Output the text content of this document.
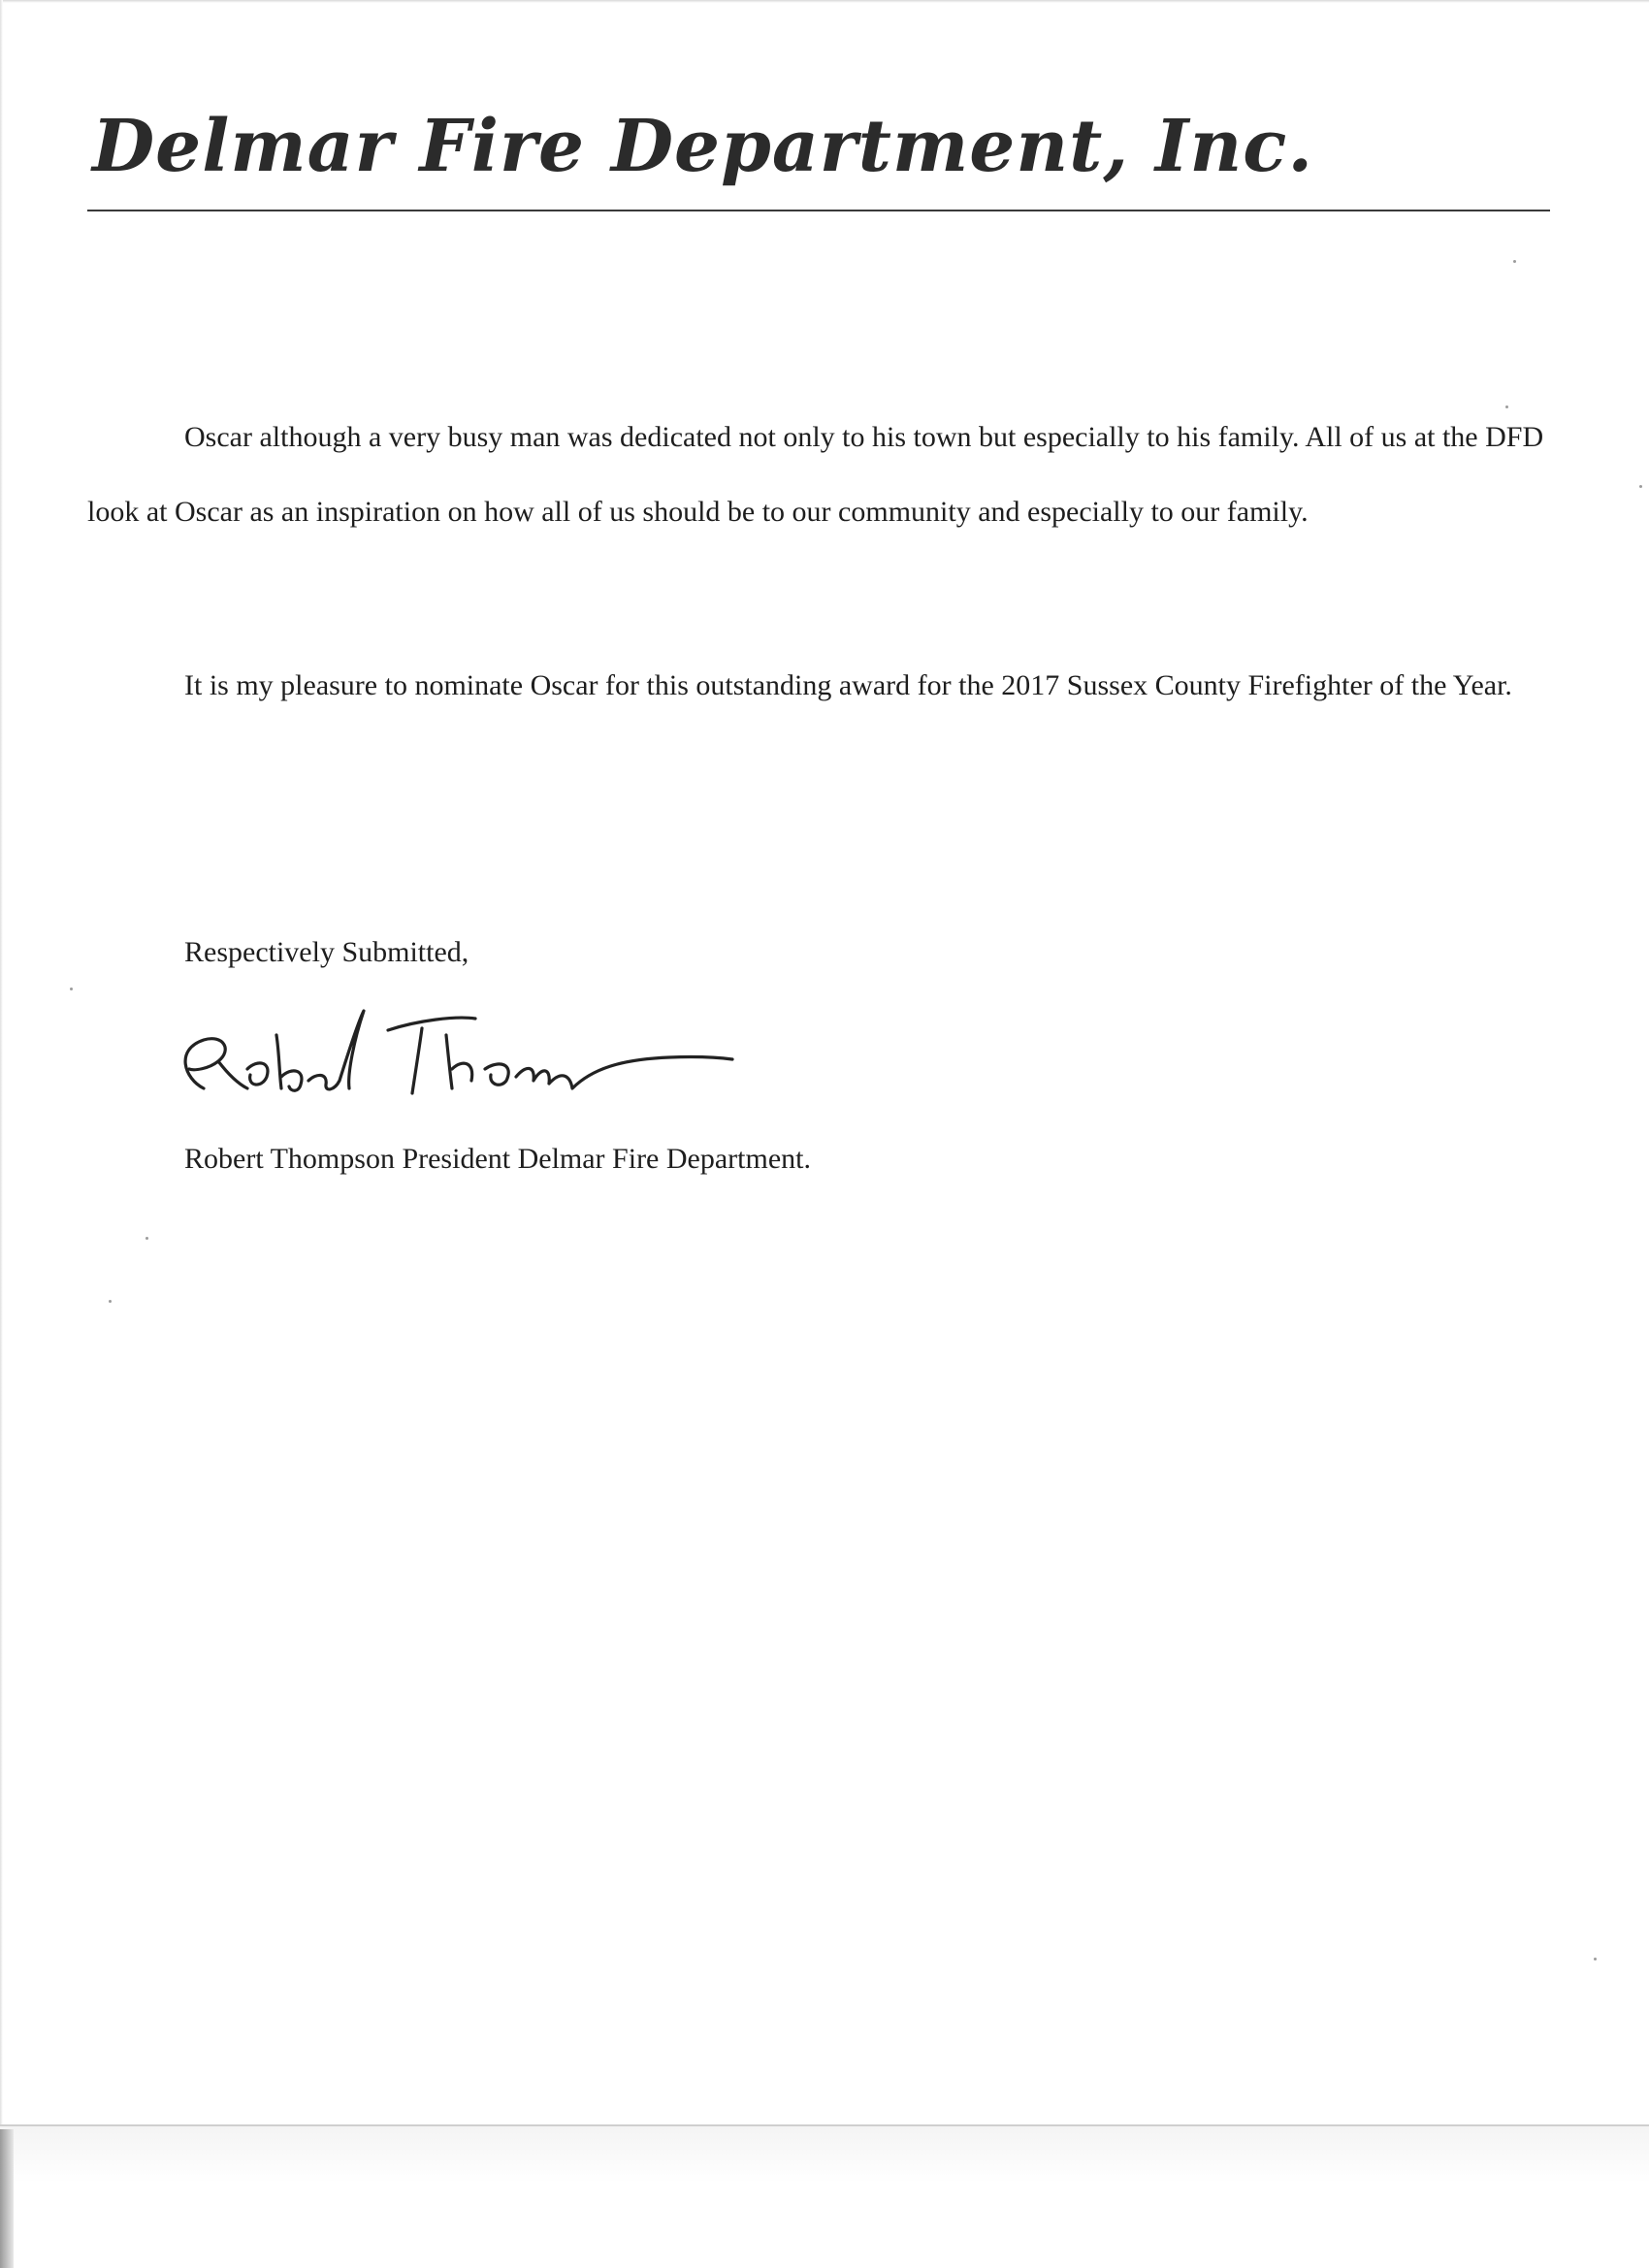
Delmar Fire Department, Inc.

Oscar although a very busy man was dedicated not only to his town but especially to his family. All of us at the DFD look at Oscar as an inspiration on how all of us should be to our community and especially to our family.

It is my pleasure to nominate Oscar for this outstanding award for the 2017 Sussex County Firefighter of the Year.

Respectively Submitted,

Robert Thompson President Delmar Fire Department.
